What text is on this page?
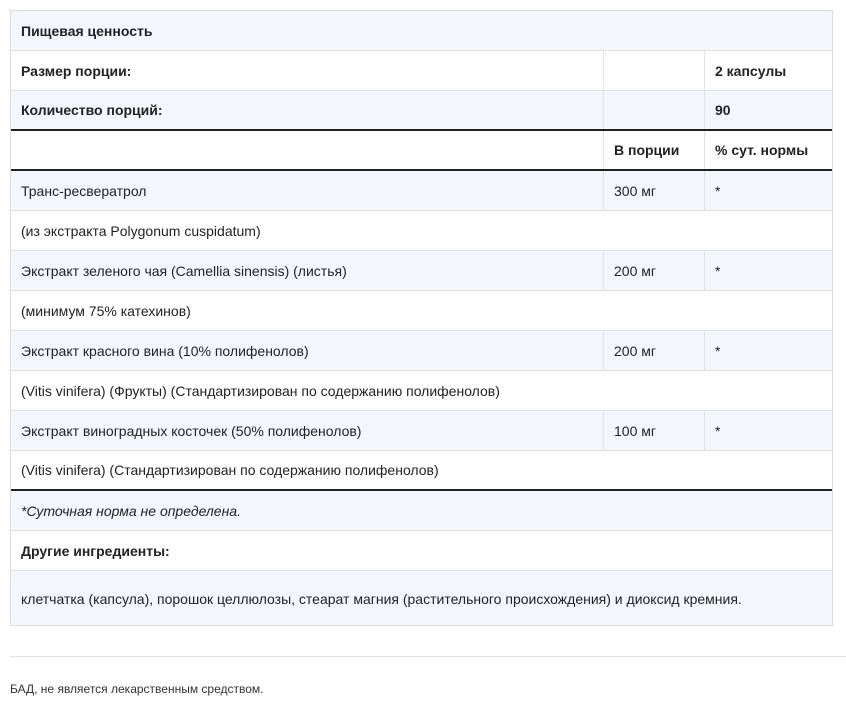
Пищевая ценность
Размер порции:	2 капсулы
Количество порций:	90
В порции	% сут. нормы
Транс-ресвератрол	300 мг	*
(из экстракта Polygonum cuspidatum)
Экстракт зеленого чая (Camellia sinensis) (листья)	200 мг	*
(минимум 75% катехинов)
Экстракт красного вина (10% полифенолов)	200 мг	*
(Vitis vinifera) (Фрукты) (Стандартизирован по содержанию полифенолов)
Экстракт виноградных косточек (50% полифенолов)	100 мг	*
(Vitis vinifera) (Стандартизирован по содержанию полифенолов)
*Суточная норма не определена.
Другие ингредиенты:
клетчатка (капсула), порошок целлюлозы, стеарат магния (растительного происхождения) и диоксид кремния.
БАД, не является лекарственным средством.
